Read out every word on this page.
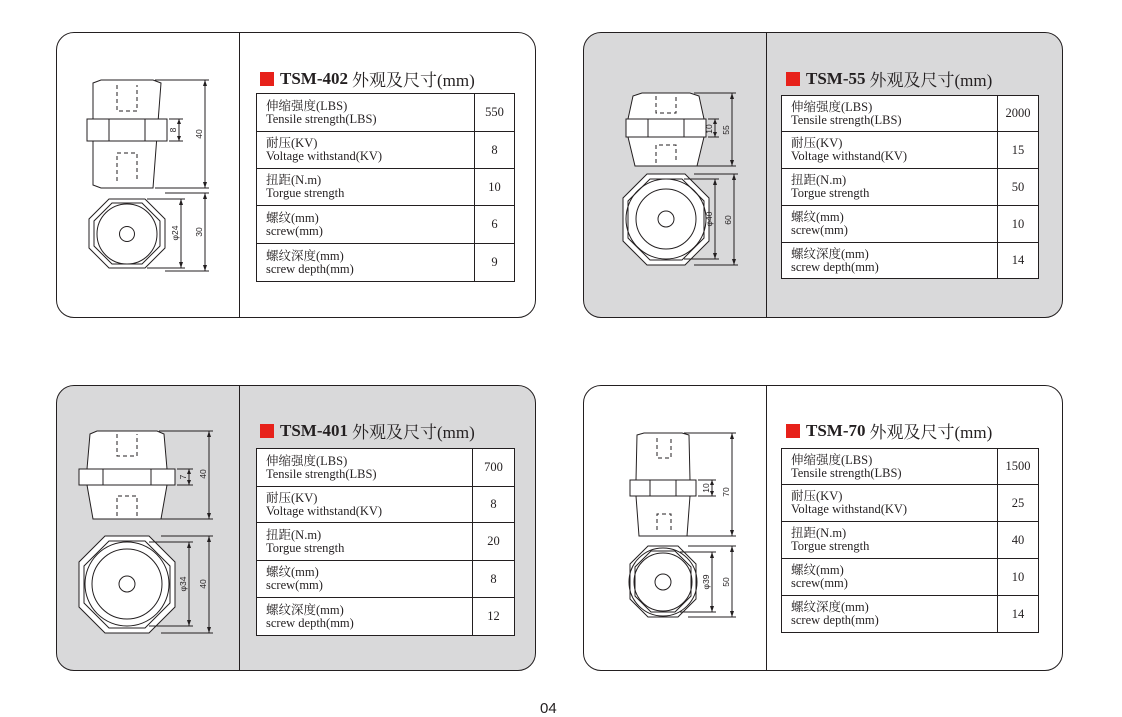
8 40
φ24 30
TSM-402 外观及尺寸(mm)
伸缩强度(LBS)
Tensile strength(LBS)	550

耐压(KV)
Voltage withstand(KV)	8

扭距(N.m)
Torgue strength	10

螺纹(mm)
screw(mm)	6

螺纹深度(mm)
screw depth(mm)	9
10 55
φ40 60
TSM-55 外观及尺寸(mm)
伸缩强度(LBS)
Tensile strength(LBS)	2000

耐压(KV)
Voltage withstand(KV)	15

扭距(N.m)
Torgue strength	50

螺纹(mm)
screw(mm)	10

螺纹深度(mm)
screw depth(mm)	14
7 40
φ34 40
TSM-401 外观及尺寸(mm)
伸缩强度(LBS)
Tensile strength(LBS)	700

耐压(KV)
Voltage withstand(KV)	8

扭距(N.m)
Torgue strength	20

螺纹(mm)
screw(mm)	8

螺纹深度(mm)
screw depth(mm)	12
10 70
φ39 50
TSM-70 外观及尺寸(mm)
伸缩强度(LBS)
Tensile strength(LBS)	1500

耐压(KV)
Voltage withstand(KV)	25

扭距(N.m)
Torgue strength	40

螺纹(mm)
screw(mm)	10

螺纹深度(mm)
screw depth(mm)	14
04
